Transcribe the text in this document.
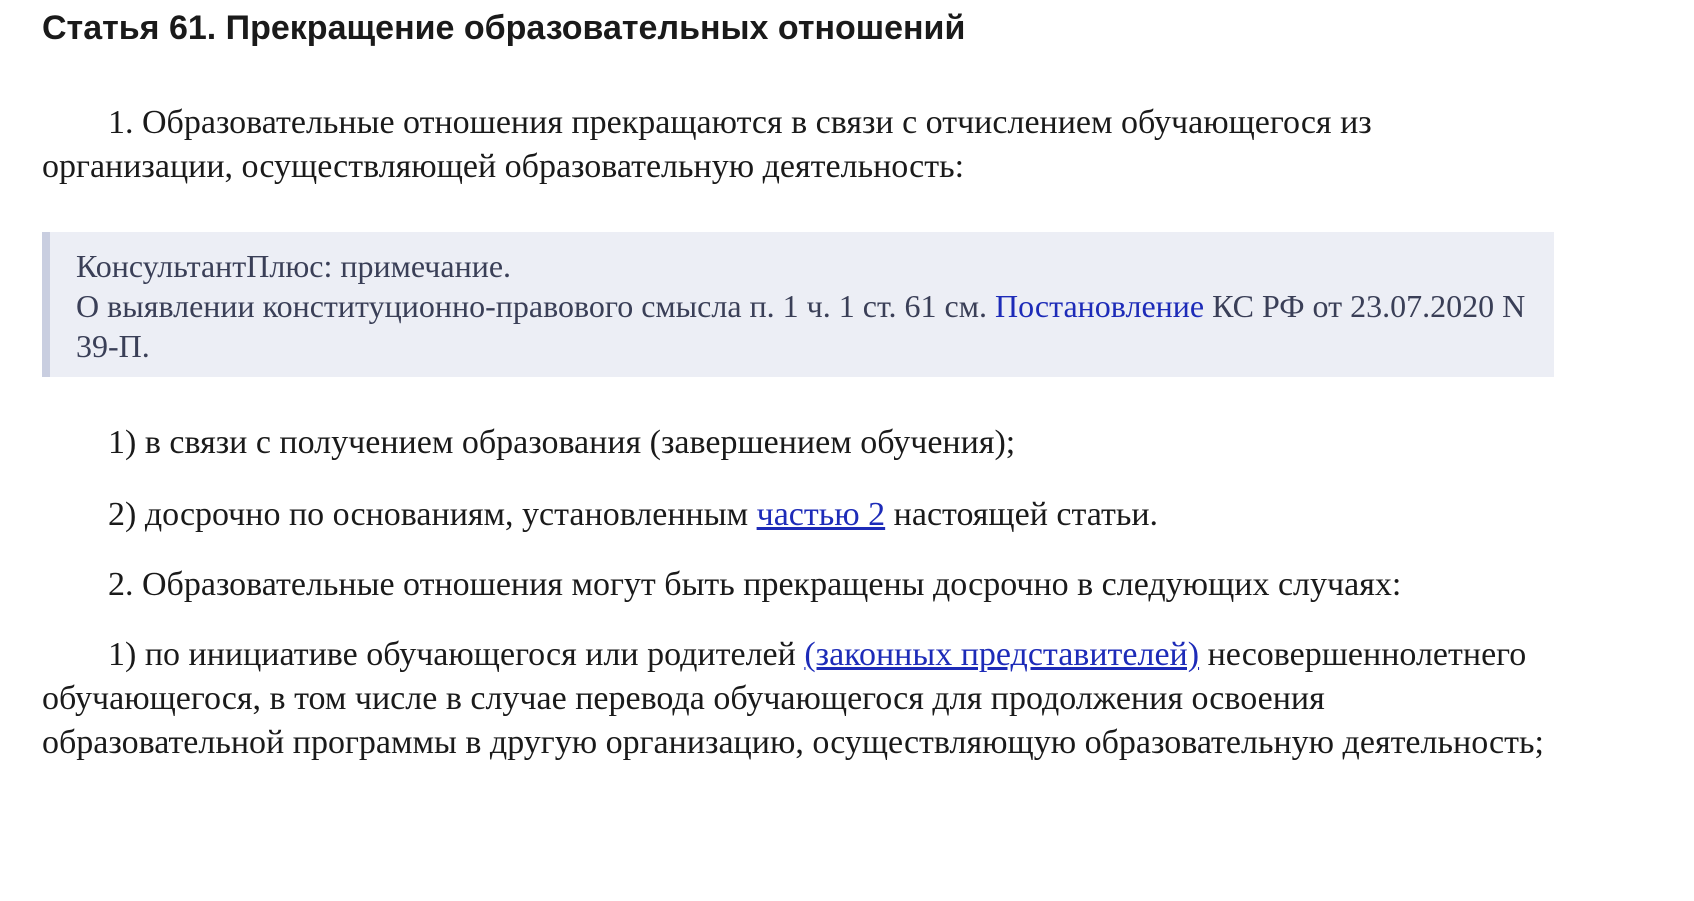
Статья 61. Прекращение образовательных отношений

1. Образовательные отношения прекращаются в связи с отчислением обучающегося из организации, осуществляющей образовательную деятельность:

КонсультантПлюс: примечание.
О выявлении конституционно-правового смысла п. 1 ч. 1 ст. 61 см. Постановление КС РФ от 23.07.2020 N 39-П.

1) в связи с получением образования (завершением обучения);

2) досрочно по основаниям, установленным частью 2 настоящей статьи.

2. Образовательные отношения могут быть прекращены досрочно в следующих случаях:

1) по инициативе обучающегося или родителей (законных представителей) несовершеннолетнего обучающегося, в том числе в случае перевода обучающегося для продолжения освоения образовательной программы в другую организацию, осуществляющую образовательную деятельность;
